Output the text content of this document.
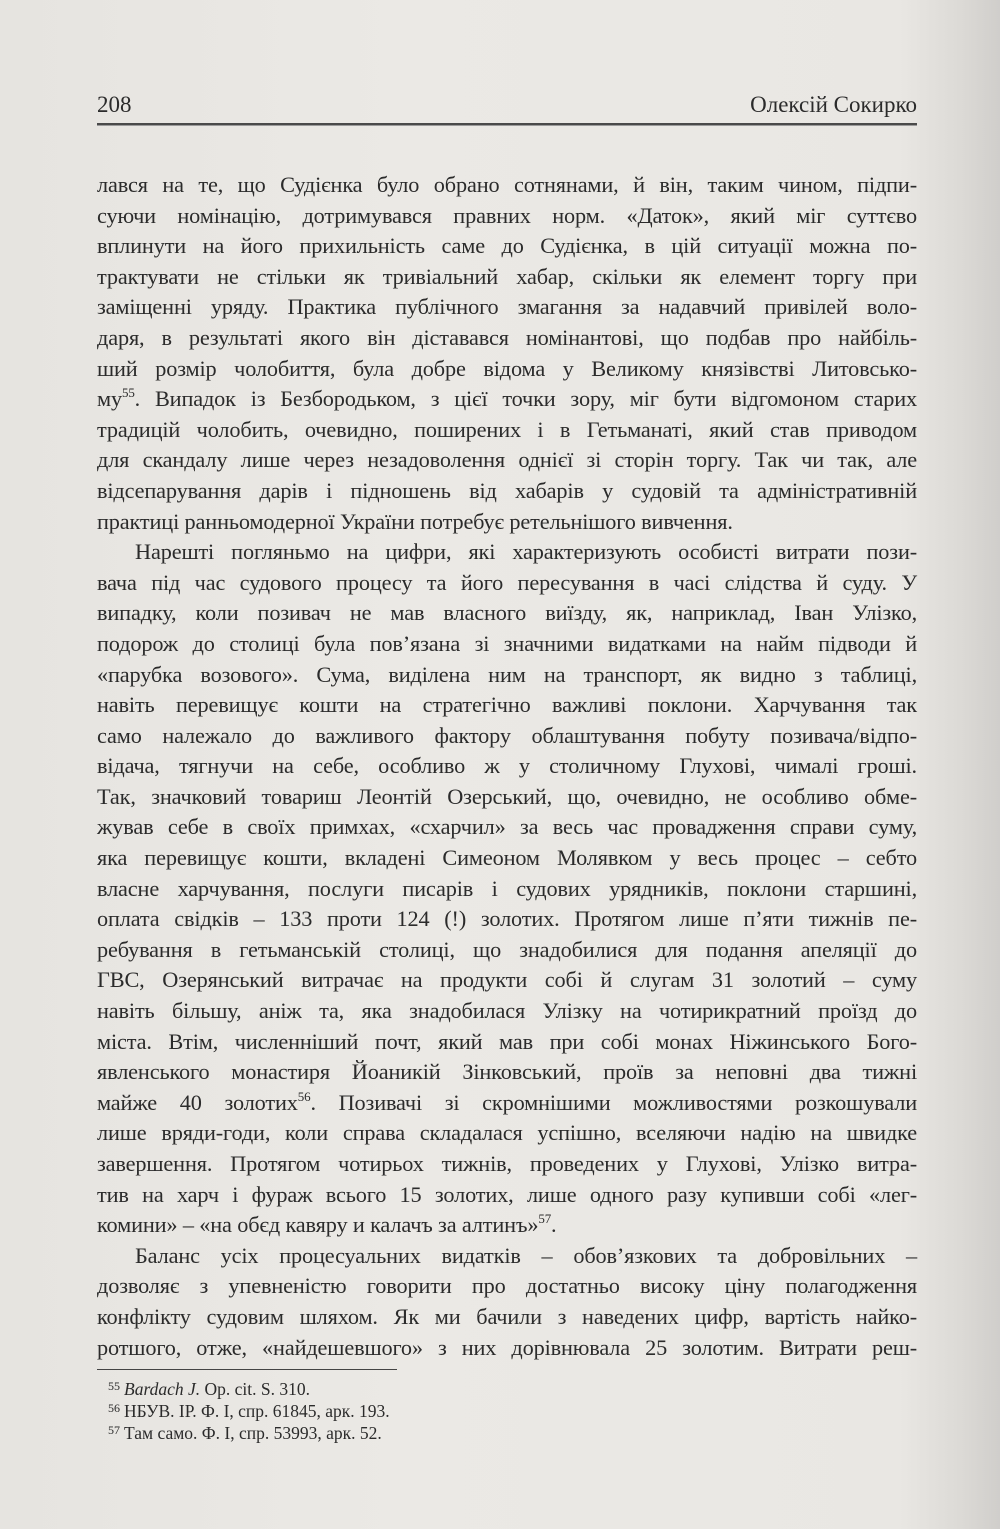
208	Олексій Сокирко
лався на те, що Судієнка було обрано сотнянами, й він, таким чином, підпи-
суючи номінацію, дотримувався правних норм. «Даток», який міг суттєво
вплинути на його прихильність саме до Судієнка, в цій ситуації можна по-
трактувати не стільки як тривіальний хабар, скільки як елемент торгу при
заміщенні уряду. Практика публічного змагання за надавчий привілей воло-
даря, в результаті якого він діставався номінантові, що подбав про найбіль-
ший розмір чолобиття, була добре відома у Великому князівстві Литовсько-
$му^{55}$. Випадок із Безбородьком, з цієї точки зору, міг бути відгомоном старих
традицій чолобить, очевидно, поширених і в Гетьманаті, який став приводом
для скандалу лише через незадоволення однієї зі сторін торгу. Так чи так, але
відсепарування дарів і підношень від хабарів у судовій та адміністративній
практиці ранньомодерної України потребує ретельнішого вивчення.
Нарешті погляньмо на цифри, які характеризують особисті витрати пози-
вача під час судового процесу та його пересування в часі слідства й суду. У
випадку, коли позивач не мав власного виїзду, як, наприклад, Іван Улізко,
подорож до столиці була пов’язана зі значними видатками на найм підводи й
«парубка возового». Сума, виділена ним на транспорт, як видно з таблиці,
навіть перевищує кошти на стратегічно важливі поклони. Харчування так
само належало до важливого фактору облаштування побуту позивача/відпо-
відача, тягнучи на себе, особливо ж у столичному Глухові, чималі гроші.
Так, значковий товариш Леонтій Озерський, що, очевидно, не особливо обме-
жував себе в своїх примхах, «схарчил» за весь час провадження справи суму,
яка перевищує кошти, вкладені Симеоном Молявком у весь процес – себто
власне харчування, послуги писарів і судових урядників, поклони старшині,
оплата свідків – 133 проти 124 (!) золотих. Протягом лише п’яти тижнів пе-
ребування в гетьманській столиці, що знадобилися для подання апеляції до
ГВС, Озерянський витрачає на продукти собі й слугам 31 золотий – суму
навіть більшу, аніж та, яка знадобилася Улізку на чотирикратний проїзд до
міста. Втім, численніший почт, який мав при собі монах Ніжинського Бого-
явленського монастиря Йоаникій Зінковський, проїв за неповні два тижні
майже 40 золотих$^{56}$. Позивачі зі скромнішими можливостями розкошували
лише вряди-годи, коли справа складалася успішно, вселяючи надію на швидке
завершення. Протягом чотирьох тижнів, проведених у Глухові, Улізко витра-
тив на харч і фураж всього 15 золотих, лише одного разу купивши собі «лег-
комини» – «на обєд кавяру и калачъ за алтинъ»$^{57}$.
Баланс усіх процесуальних видатків – обов’язкових та добровільних –
дозволяє з упевненістю говорити про достатньо високу ціну полагодження
конфлікту судовим шляхом. Як ми бачили з наведених цифр, вартість найко-
ротшого, отже, «найдешевшого» з них дорівнювала 25 золотим. Витрати реш-
$^{55}$ Bardach J. Op. cit. S. 310.
$^{56}$ НБУВ. ІР. Ф. І, спр. 61845, арк. 193.
$^{57}$ Там само. Ф. І, спр. 53993, арк. 52.
